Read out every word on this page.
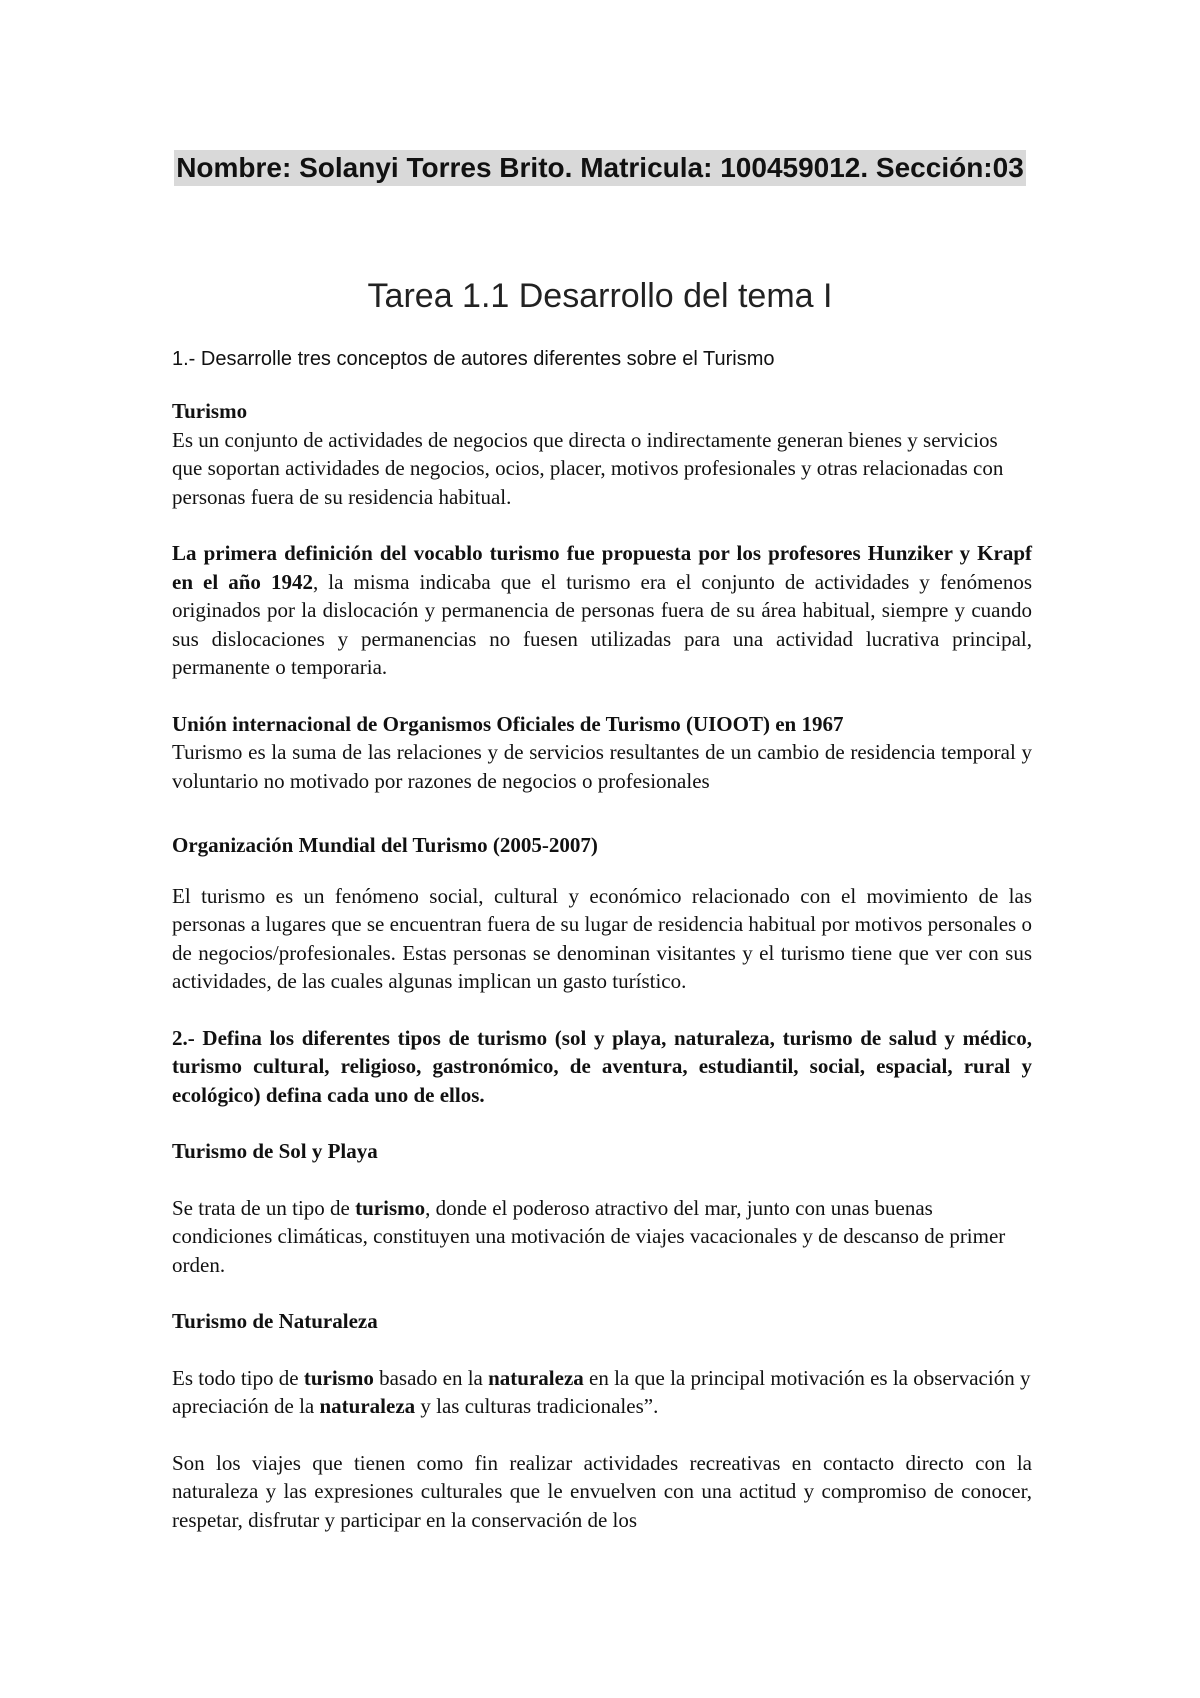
Nombre: Solanyi Torres Brito. Matricula: 100459012. Sección:03
Tarea 1.1 Desarrollo del tema I

1.- Desarrolle tres conceptos de autores diferentes sobre el Turismo

Turismo

Es un conjunto de actividades de negocios que directa o indirectamente generan bienes y servicios que soportan actividades de negocios, ocios, placer, motivos profesionales y otras relacionadas con personas fuera de su residencia habitual.

La primera definición del vocablo turismo fue propuesta por los profesores Hunziker y Krapf en el año 1942, la misma indicaba que el turismo era el conjunto de actividades y fenómenos originados por la dislocación y permanencia de personas fuera de su área habitual, siempre y cuando sus dislocaciones y permanencias no fuesen utilizadas para una actividad lucrativa principal, permanente o temporaria.

Unión internacional de Organismos Oficiales de Turismo (UIOOT) en 1967

Turismo es la suma de las relaciones y de servicios resultantes de un cambio de residencia temporal y voluntario no motivado por razones de negocios o profesionales

Organización Mundial del Turismo (2005-2007)

El turismo es un fenómeno social, cultural y económico relacionado con el movimiento de las personas a lugares que se encuentran fuera de su lugar de residencia habitual por motivos personales o de negocios/profesionales. Estas personas se denominan visitantes y el turismo tiene que ver con sus actividades, de las cuales algunas implican un gasto turístico.

2.- Defina los diferentes tipos de turismo (sol y playa, naturaleza, turismo de salud y médico, turismo cultural, religioso, gastronómico, de aventura, estudiantil, social, espacial, rural y ecológico) defina cada uno de ellos.

Turismo de Sol y Playa

Se trata de un tipo de turismo, donde el poderoso atractivo del mar, junto con unas buenas condiciones climáticas, constituyen una motivación de viajes vacacionales y de descanso de primer orden.

Turismo de Naturaleza

Es todo tipo de turismo basado en la naturaleza en la que la principal motivación es la observación y apreciación de la naturaleza y las culturas tradicionales”.

Son los viajes que tienen como fin realizar actividades recreativas en contacto directo con la naturaleza y las expresiones culturales que le envuelven con una actitud y compromiso de conocer, respetar, disfrutar y participar en la conservación de los
